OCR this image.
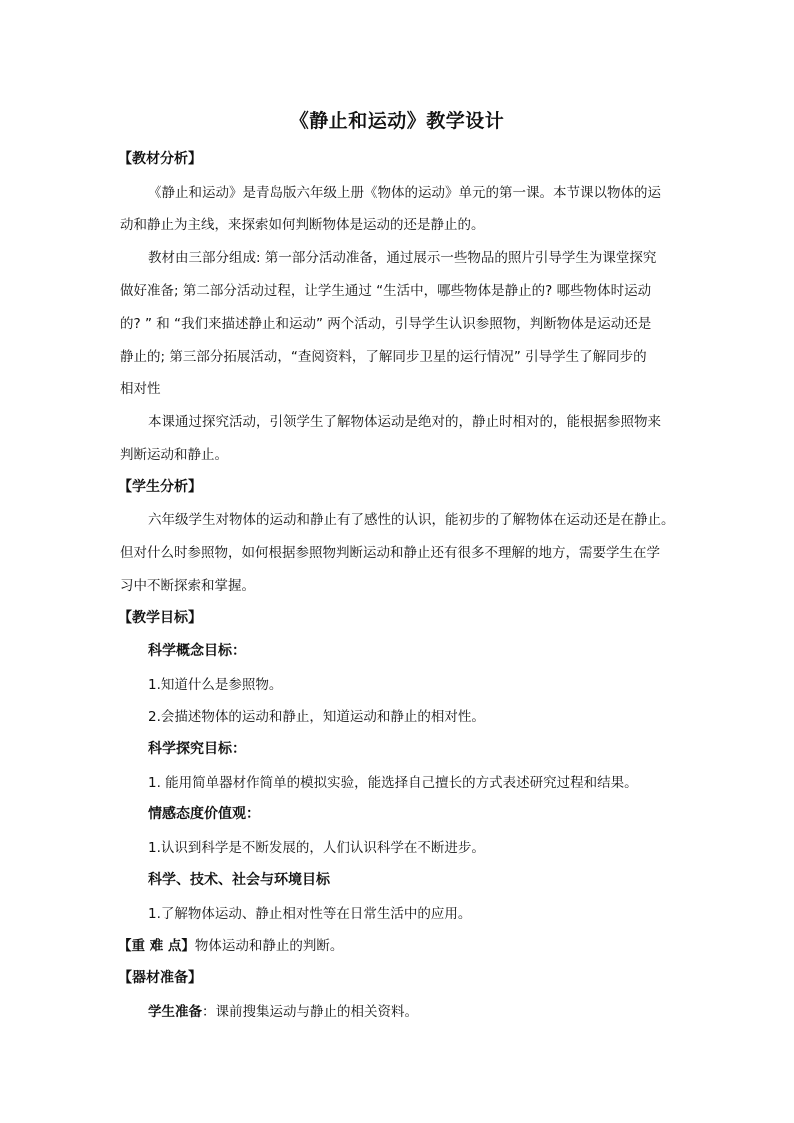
《静止和运动》教学设计
【教材分析】
《静止和运动》是青岛版六年级上册《物体的运动》单元的第一课。本节课以物体的运
动和静止为主线，来探索如何判断物体是运动的还是静止的。
教材由三部分组成: 第一部分活动准备，通过展示一些物品的照片引导学生为课堂探究
做好准备; 第二部分活动过程，让学生通过 “生活中，哪些物体是静止的? 哪些物体时运动
的? ” 和 “我们来描述静止和运动” 两个活动，引导学生认识参照物，判断物体是运动还是
静止的; 第三部分拓展活动，“查阅资料，了解同步卫星的运行情况” 引导学生了解同步的
相对性
本课通过探究活动，引领学生了解物体运动是绝对的，静止时相对的，能根据参照物来
判断运动和静止。
【学生分析】
六年级学生对物体的运动和静止有了感性的认识，能初步的了解物体在运动还是在静止。
但对什么时参照物，如何根据参照物判断运动和静止还有很多不理解的地方，需要学生在学
习中不断探索和掌握。
【教学目标】
科学概念目标：
1.知道什么是参照物。
2.会描述物体的运动和静止，知道运动和静止的相对性。
科学探究目标：
1. 能用简单器材作简单的模拟实验，能选择自己擅长的方式表述研究过程和结果。
情感态度价值观：
1.认识到科学是不断发展的，人们认识科学在不断进步。
科学、技术、社会与环境目标
1.了解物体运动、静止相对性等在日常生活中的应用。
【重 难 点】物体运动和静止的判断。
【器材准备】
学生准备：课前搜集运动与静止的相关资料。
